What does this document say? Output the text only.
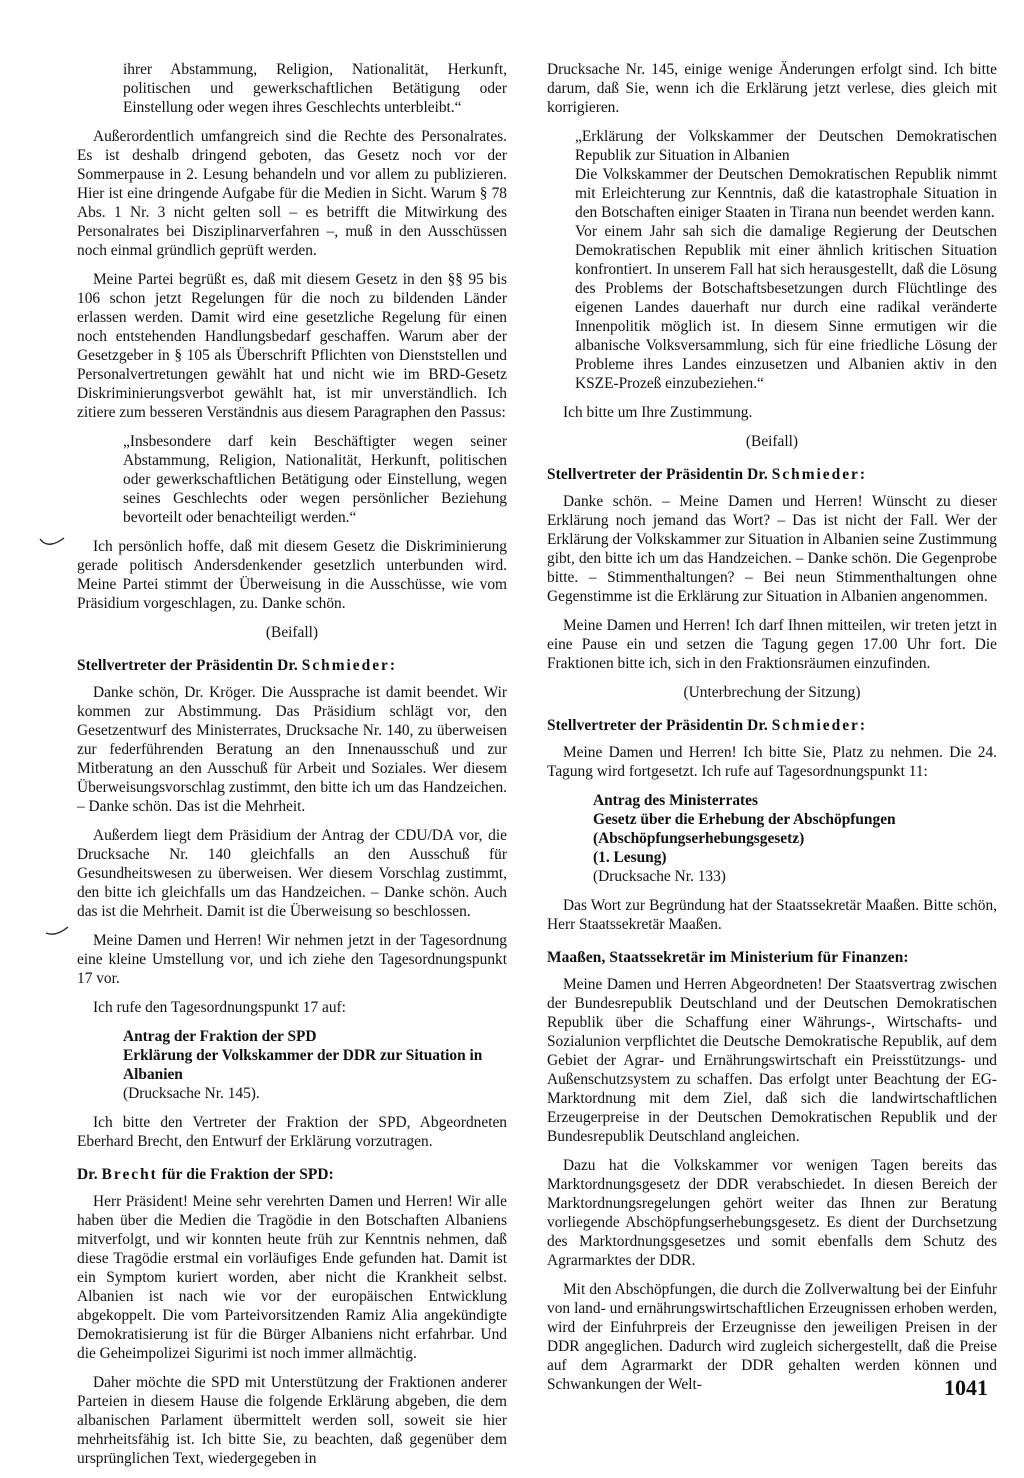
ihrer Abstammung, Religion, Nationalität, Herkunft, politischen und gewerkschaftlichen Betätigung oder Einstellung oder wegen ihres Geschlechts unterbleibt.“

Außerordentlich umfangreich sind die Rechte des Personalrates. Es ist deshalb dringend geboten, das Gesetz noch vor der Sommerpause in 2. Lesung behandeln und vor allem zu publizieren. Hier ist eine dringende Aufgabe für die Medien in Sicht. Warum § 78 Abs. 1 Nr. 3 nicht gelten soll – es betrifft die Mitwirkung des Personalrates bei Disziplinarverfahren –, muß in den Ausschüssen noch einmal gründlich geprüft werden.

Meine Partei begrüßt es, daß mit diesem Gesetz in den §§ 95 bis 106 schon jetzt Regelungen für die noch zu bildenden Länder erlassen werden. Damit wird eine gesetzliche Regelung für einen noch entstehenden Handlungsbedarf geschaffen. Warum aber der Gesetzgeber in § 105 als Überschrift Pflichten von Dienststellen und Personalvertretungen gewählt hat und nicht wie im BRD-Gesetz Diskriminierungsverbot gewählt hat, ist mir unverständlich. Ich zitiere zum besseren Verständnis aus diesem Paragraphen den Passus:

„Insbesondere darf kein Beschäftigter wegen seiner Abstammung, Religion, Nationalität, Herkunft, politischen oder gewerkschaftlichen Betätigung oder Einstellung, wegen seines Geschlechts oder wegen persönlicher Beziehung bevorteilt oder benachteiligt werden.“

Ich persönlich hoffe, daß mit diesem Gesetz die Diskriminierung gerade politisch Andersdenkender gesetzlich unterbunden wird. Meine Partei stimmt der Überweisung in die Ausschüsse, wie vom Präsidium vorgeschlagen, zu. Danke schön.

(Beifall)

Stellvertreter der Präsidentin Dr. Schmieder:

Danke schön, Dr. Kröger. Die Aussprache ist damit beendet. Wir kommen zur Abstimmung. Das Präsidium schlägt vor, den Gesetzentwurf des Ministerrates, Drucksache Nr. 140, zu überweisen zur federführenden Beratung an den Innenausschuß und zur Mitberatung an den Ausschuß für Arbeit und Soziales. Wer diesem Überweisungsvorschlag zustimmt, den bitte ich um das Handzeichen. – Danke schön. Das ist die Mehrheit.

Außerdem liegt dem Präsidium der Antrag der CDU/DA vor, die Drucksache Nr. 140 gleichfalls an den Ausschuß für Gesundheitswesen zu überweisen. Wer diesem Vorschlag zustimmt, den bitte ich gleichfalls um das Handzeichen. – Danke schön. Auch das ist die Mehrheit. Damit ist die Überweisung so beschlossen.

Meine Damen und Herren! Wir nehmen jetzt in der Tagesordnung eine kleine Umstellung vor, und ich ziehe den Tagesordnungspunkt 17 vor.

Ich rufe den Tagesordnungspunkt 17 auf:

Antrag der Fraktion der SPD
Erklärung der Volkskammer der DDR zur Situation in Albanien
(Drucksache Nr. 145).

Ich bitte den Vertreter der Fraktion der SPD, Abgeordneten Eberhard Brecht, den Entwurf der Erklärung vorzutragen.

Dr. Brecht für die Fraktion der SPD:

Herr Präsident! Meine sehr verehrten Damen und Herren! Wir alle haben über die Medien die Tragödie in den Botschaften Albaniens mitverfolgt, und wir konnten heute früh zur Kenntnis nehmen, daß diese Tragödie erstmal ein vorläufiges Ende gefunden hat. Damit ist ein Symptom kuriert worden, aber nicht die Krankheit selbst. Albanien ist nach wie vor der europäischen Entwicklung abgekoppelt. Die vom Parteivorsitzenden Ramiz Alia angekündigte Demokratisierung ist für die Bürger Albaniens nicht erfahrbar. Und die Geheimpolizei Sigurimi ist noch immer allmächtig.

Daher möchte die SPD mit Unterstützung der Fraktionen anderer Parteien in diesem Hause die folgende Erklärung abgeben, die dem albanischen Parlament übermittelt werden soll, soweit sie hier mehrheitsfähig ist. Ich bitte Sie, zu beachten, daß gegenüber dem ursprünglichen Text, wiedergegeben in

Drucksache Nr. 145, einige wenige Änderungen erfolgt sind. Ich bitte darum, daß Sie, wenn ich die Erklärung jetzt verlese, dies gleich mit korrigieren.

„Erklärung der Volkskammer der Deutschen Demokratischen Republik zur Situation in Albanien

Die Volkskammer der Deutschen Demokratischen Republik nimmt mit Erleichterung zur Kenntnis, daß die katastrophale Situation in den Botschaften einiger Staaten in Tirana nun beendet werden kann.

Vor einem Jahr sah sich die damalige Regierung der Deutschen Demokratischen Republik mit einer ähnlich kritischen Situation konfrontiert. In unserem Fall hat sich herausgestellt, daß die Lösung des Problems der Botschaftsbesetzungen durch Flüchtlinge des eigenen Landes dauerhaft nur durch eine radikal veränderte Innenpolitik möglich ist. In diesem Sinne ermutigen wir die albanische Volksversammlung, sich für eine friedliche Lösung der Probleme ihres Landes einzusetzen und Albanien aktiv in den KSZE-Prozeß einzubeziehen.“

Ich bitte um Ihre Zustimmung.

(Beifall)

Stellvertreter der Präsidentin Dr. Schmieder:

Danke schön. – Meine Damen und Herren! Wünscht zu dieser Erklärung noch jemand das Wort? – Das ist nicht der Fall. Wer der Erklärung der Volkskammer zur Situation in Albanien seine Zustimmung gibt, den bitte ich um das Handzeichen. – Danke schön. Die Gegenprobe bitte. – Stimmenthaltungen? – Bei neun Stimmenthaltungen ohne Gegenstimme ist die Erklärung zur Situation in Albanien angenommen.

Meine Damen und Herren! Ich darf Ihnen mitteilen, wir treten jetzt in eine Pause ein und setzen die Tagung gegen 17.00 Uhr fort. Die Fraktionen bitte ich, sich in den Fraktionsräumen einzufinden.

(Unterbrechung der Sitzung)

Stellvertreter der Präsidentin Dr. Schmieder:

Meine Damen und Herren! Ich bitte Sie, Platz zu nehmen. Die 24. Tagung wird fortgesetzt. Ich rufe auf Tagesordnungspunkt 11:

Antrag des Ministerrates
Gesetz über die Erhebung der Abschöpfungen
(Abschöpfungserhebungsgesetz)
(1. Lesung)
(Drucksache Nr. 133)

Das Wort zur Begründung hat der Staatssekretär Maaßen. Bitte schön, Herr Staatssekretär Maaßen.

Maaßen, Staatssekretär im Ministerium für Finanzen:

Meine Damen und Herren Abgeordneten! Der Staatsvertrag zwischen der Bundesrepublik Deutschland und der Deutschen Demokratischen Republik über die Schaffung einer Währungs-, Wirtschafts- und Sozialunion verpflichtet die Deutsche Demokratische Republik, auf dem Gebiet der Agrar- und Ernährungswirtschaft ein Preisstützungs- und Außenschutzsystem zu schaffen. Das erfolgt unter Beachtung der EG-Marktordnung mit dem Ziel, daß sich die landwirtschaftlichen Erzeugerpreise in der Deutschen Demokratischen Republik und der Bundesrepublik Deutschland angleichen.

Dazu hat die Volkskammer vor wenigen Tagen bereits das Marktordnungsgesetz der DDR verabschiedet. In diesen Bereich der Marktordnungsregelungen gehört weiter das Ihnen zur Beratung vorliegende Abschöpfungserhebungsgesetz. Es dient der Durchsetzung des Marktordnungsgesetzes und somit ebenfalls dem Schutz des Agrarmarktes der DDR.

Mit den Abschöpfungen, die durch die Zollverwaltung bei der Einfuhr von land- und ernährungswirtschaftlichen Erzeugnissen erhoben werden, wird der Einfuhrpreis der Erzeugnisse den jeweiligen Preisen in der DDR angeglichen. Dadurch wird zugleich sichergestellt, daß die Preise auf dem Agrarmarkt der DDR gehalten werden können und Schwankungen der Welt-	1041
